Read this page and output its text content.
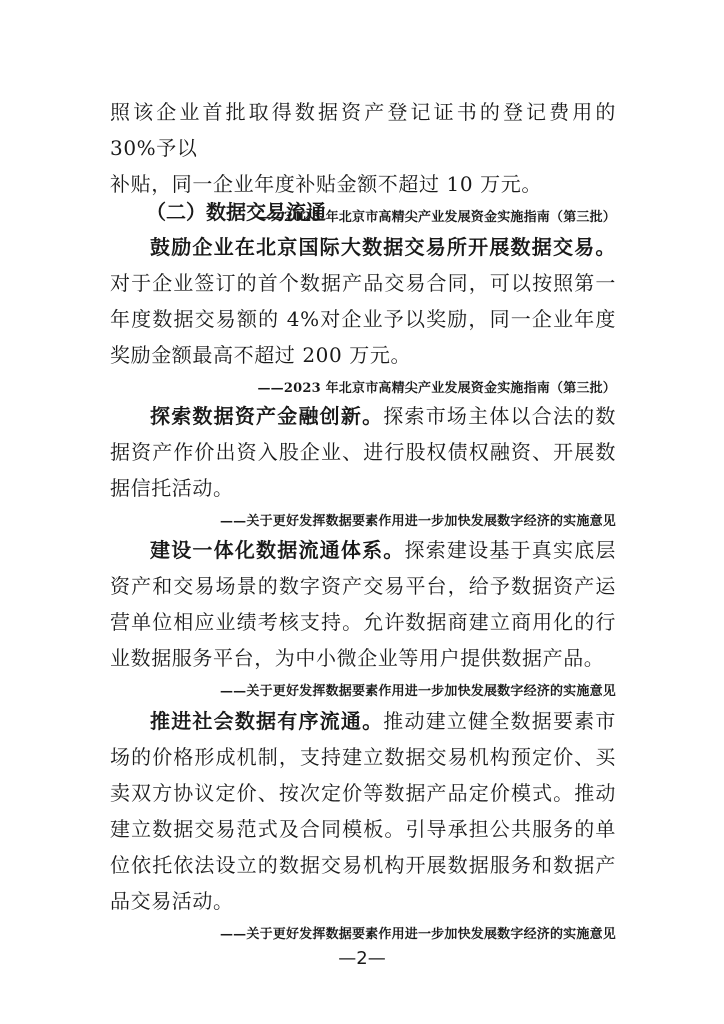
照该企业首批取得数据资产登记证书的登记费用的 30%予以

补贴，同一企业年度补贴金额不超过 10 万元。

——2023 年北京市高精尖产业发展资金实施指南（第三批）

（二）数据交易流通

鼓励企业在北京国际大数据交易所开展数据交易。对于企业签订的首个数据产品交易合同，可以按照第一年度数据交易额的 4%对企业予以奖励，同一企业年度奖励金额最高不超过 200 万元。

——2023 年北京市高精尖产业发展资金实施指南（第三批）

探索数据资产金融创新。探索市场主体以合法的数据资产作价出资入股企业、进行股权债权融资、开展数据信托活动。

——关于更好发挥数据要素作用进一步加快发展数字经济的实施意见

建设一体化数据流通体系。探索建设基于真实底层资产和交易场景的数字资产交易平台，给予数据资产运营单位相应业绩考核支持。允许数据商建立商用化的行业数据服务平台，为中小微企业等用户提供数据产品。

——关于更好发挥数据要素作用进一步加快发展数字经济的实施意见

推进社会数据有序流通。推动建立健全数据要素市场的价格形成机制，支持建立数据交易机构预定价、买卖双方协议定价、按次定价等数据产品定价模式。推动建立数据交易范式及合同模板。引导承担公共服务的单位依托依法设立的数据交易机构开展数据服务和数据产品交易活动。

——关于更好发挥数据要素作用进一步加快发展数字经济的实施意见

—2—
